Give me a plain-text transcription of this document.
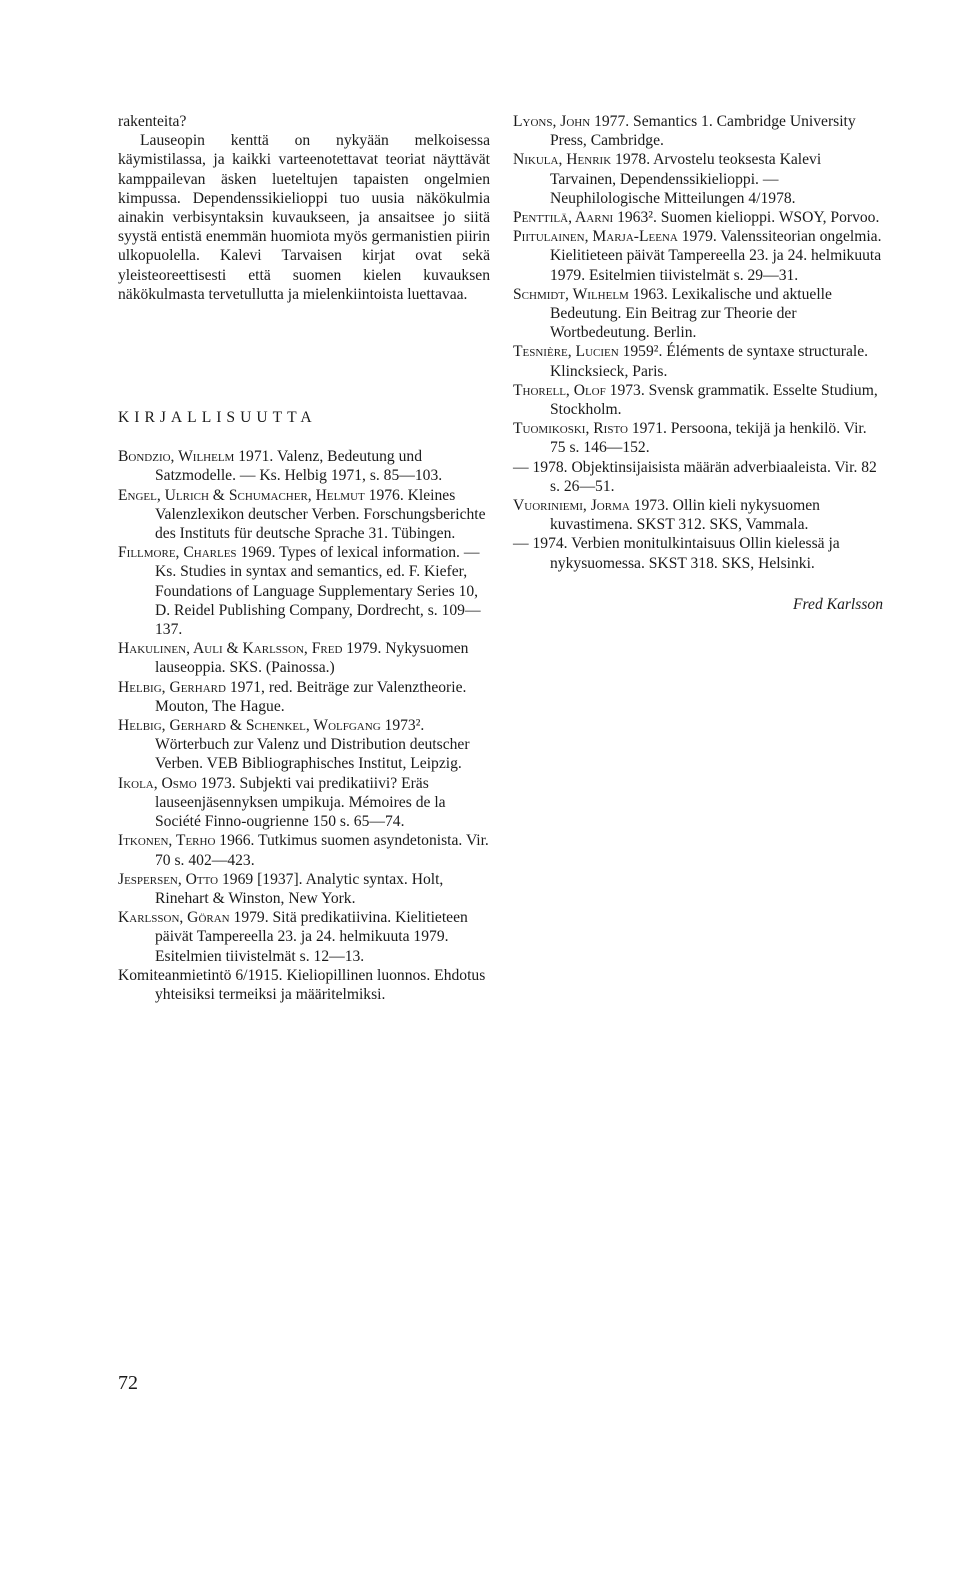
rakenteita?

Lauseopin kenttä on nykyään melkoisessa käymistilassa, ja kaikki varteenotettavat teoriat näyttävät kamppailevan äsken lueteltujen tapaisten ongelmien kimpussa. Dependenssikielioppi tuo uusia näkökulmia ainakin verbisyntaksin kuvaukseen, ja ansaitsee jo siitä syystä entistä enemmän huomiota myös germanistien piirin ulkopuolella. Kalevi Tarvaisen kirjat ovat sekä yleisteoreettisesti että suomen kielen kuvauksen näkökulmasta tervetullutta ja mielenkiintoista luettavaa.

KIRJALLISUUTTA

Bondzio, Wilhelm 1971. Valenz, Bedeutung und Satzmodelle. — Ks. Helbig 1971, s. 85—103.

Engel, Ulrich & Schumacher, Helmut 1976. Kleines Valenzlexikon deutscher Verben. Forschungsberichte des Instituts für deutsche Sprache 31. Tübingen.

Fillmore, Charles 1969. Types of lexical information. — Ks. Studies in syntax and semantics, ed. F. Kiefer, Foundations of Language Supplementary Series 10, D. Reidel Publishing Company, Dordrecht, s. 109—137.

Hakulinen, Auli & Karlsson, Fred 1979. Nykysuomen lauseoppia. SKS. (Painossa.)

Helbig, Gerhard 1971, red. Beiträge zur Valenztheorie. Mouton, The Hague.

Helbig, Gerhard & Schenkel, Wolfgang 1973². Wörterbuch zur Valenz und Distribution deutscher Verben. VEB Bibliographisches Institut, Leipzig.

Ikola, Osmo 1973. Subjekti vai predikatiivi? Eräs lauseenjäsennyksen umpikuja. Mémoires de la Société Finno-ougrienne 150 s. 65—74.

Itkonen, Terho 1966. Tutkimus suomen asyndetonista. Vir. 70 s. 402—423.

Jespersen, Otto 1969 [1937]. Analytic syntax. Holt, Rinehart & Winston, New York.

Karlsson, Göran 1979. Sitä predikatiivina. Kielitieteen päivät Tampereella 23. ja 24. helmikuuta 1979. Esitelmien tiivistelmät s. 12—13.

Komiteanmietintö 6/1915. Kieliopillinen luonnos. Ehdotus yhteisiksi termeiksi ja määritelmiksi.

Lyons, John 1977. Semantics 1. Cambridge University Press, Cambridge.

Nikula, Henrik 1978. Arvostelu teoksesta Kalevi Tarvainen, Dependenssikielioppi. — Neuphilologische Mitteilungen 4/1978.

Penttilä, Aarni 1963². Suomen kielioppi. WSOY, Porvoo.

Piitulainen, Marja-Leena 1979. Valenssiteorian ongelmia. Kielitieteen päivät Tampereella 23. ja 24. helmikuuta 1979. Esitelmien tiivistelmät s. 29—31.

Schmidt, Wilhelm 1963. Lexikalische und aktuelle Bedeutung. Ein Beitrag zur Theorie der Wortbedeutung. Berlin.

Tesnière, Lucien 1959². Éléments de syntaxe structurale. Klincksieck, Paris.

Thorell, Olof 1973. Svensk grammatik. Esselte Studium, Stockholm.

Tuomikoski, Risto 1971. Persoona, tekijä ja henkilö. Vir. 75 s. 146—152.

— 1978. Objektinsijaisista määrän adverbiaaleista. Vir. 82 s. 26—51.

Vuoriniemi, Jorma 1973. Ollin kieli nykysuomen kuvastimena. SKST 312. SKS, Vammala.

— 1974. Verbien monitulkintaisuus Ollin kielessä ja nykysuomessa. SKST 318. SKS, Helsinki.

Fred Karlsson

72
